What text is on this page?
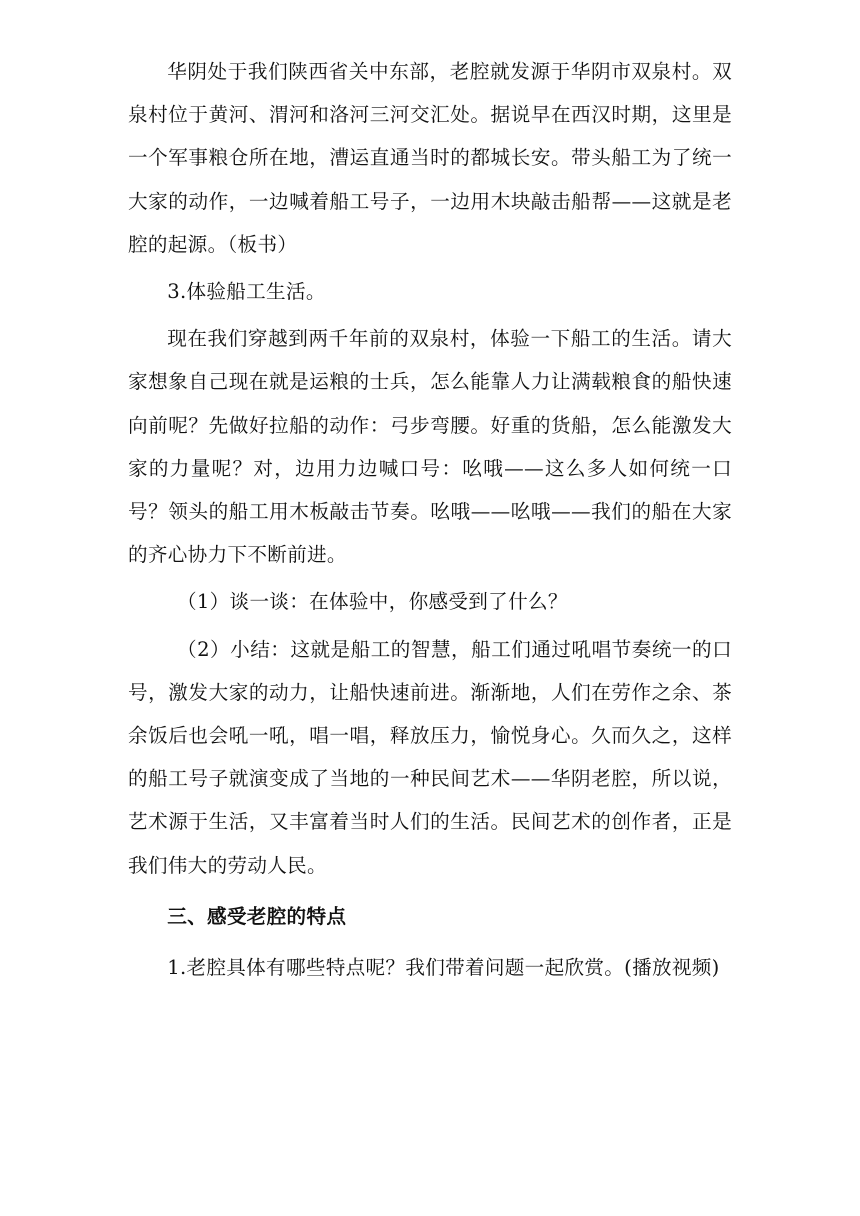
华阴处于我们陕西省关中东部，老腔就发源于华阴市双泉村。双泉村位于黄河、渭河和洛河三河交汇处。据说早在西汉时期，这里是一个军事粮仓所在地，漕运直通当时的都城长安。带头船工为了统一大家的动作，一边喊着船工号子，一边用木块敲击船帮——这就是老腔的起源。（板书）

3.体验船工生活。

现在我们穿越到两千年前的双泉村，体验一下船工的生活。请大家想象自己现在就是运粮的士兵，怎么能靠人力让满载粮食的船快速向前呢？先做好拉船的动作：弓步弯腰。好重的货船，怎么能激发大家的力量呢？对，边用力边喊口号：吆哦——这么多人如何统一口号？领头的船工用木板敲击节奏。吆哦——吆哦——我们的船在大家的齐心协力下不断前进。

（1）谈一谈：在体验中，你感受到了什么？

（2）小结：这就是船工的智慧，船工们通过吼唱节奏统一的口号，激发大家的动力，让船快速前进。渐渐地，人们在劳作之余、茶余饭后也会吼一吼，唱一唱，释放压力，愉悦身心。久而久之，这样的船工号子就演变成了当地的一种民间艺术——华阴老腔，所以说，艺术源于生活，又丰富着当时人们的生活。民间艺术的创作者，正是我们伟大的劳动人民。

三、感受老腔的特点

1.老腔具体有哪些特点呢？我们带着问题一起欣赏。(播放视频)
